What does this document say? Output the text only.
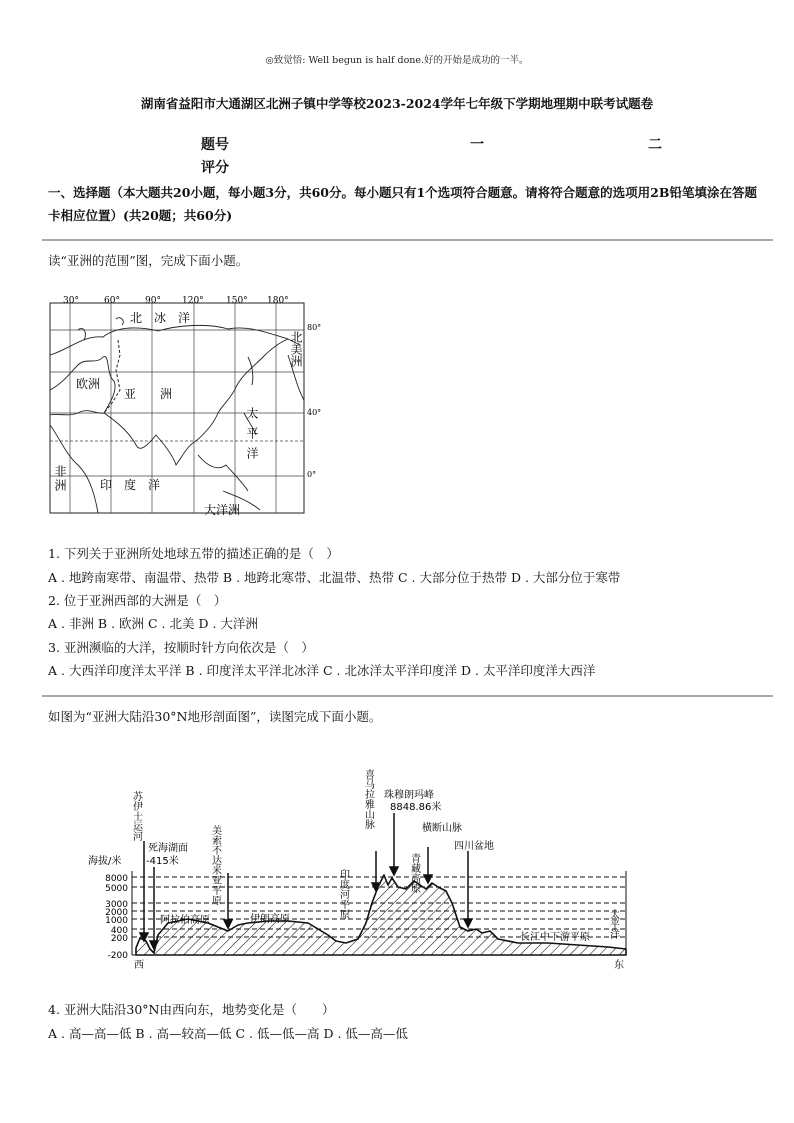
◎致觉悟: Well begun is half done.好的开始是成功的一半。
湖南省益阳市大通湖区北洲子镇中学等校2023-2024学年七年级下学期地理期中联考试题卷
题号	一	二
评分
一、选择题（本大题共20小题，每小题3分，共60分。每小题只有1个选项符合题意。请将符合题意的选项用2B铅笔填涂在答题卡相应位置）(共20题；共60分)
读“亚洲的范围”图，完成下面小题。
30°	60°	90° 120° 150° 180°
80°
40°
0°
北　冰　洋
欧洲
亚　　洲
印　度　洋
大洋洲
太平洋
北美洲
非洲
1. 下列关于亚洲所处地球五带的描述正确的是（　）
A . 地跨南寒带、南温带、热带 B . 地跨北寒带、北温带、热带 C . 大部分位于热带 D . 大部分位于寒带
2. 位于亚洲西部的大洲是（　）
A . 非洲 B . 欧洲 C . 北美 D . 大洋洲
3. 亚洲濒临的大洋，按顺时针方向依次是（　）
A . 大西洋印度洋太平洋 B . 印度洋太平洋北冰洋 C . 北冰洋太平洋印度洋 D . 太平洋印度洋大西洋
如图为“亚洲大陆沿30°N地形剖面图”，读图完成下面小题。
海拔/米
8000
5000
3000
2000
1000
400
200
-200
苏伊士运河
美索不达米亚平原
喜马拉雅山脉
印度河平原	青藏高原
太平洋
死海湖面
-415米
珠穆朗玛峰
8848.86米
横断山脉
四川盆地
阿拉伯高原	伊朗高原
长江中下游平原
西	东
4. 亚洲大陆沿30°N由西向东，地势变化是（　　）
A . 高—高—低 B . 高—较高—低 C . 低—低—高 D . 低—高—低
